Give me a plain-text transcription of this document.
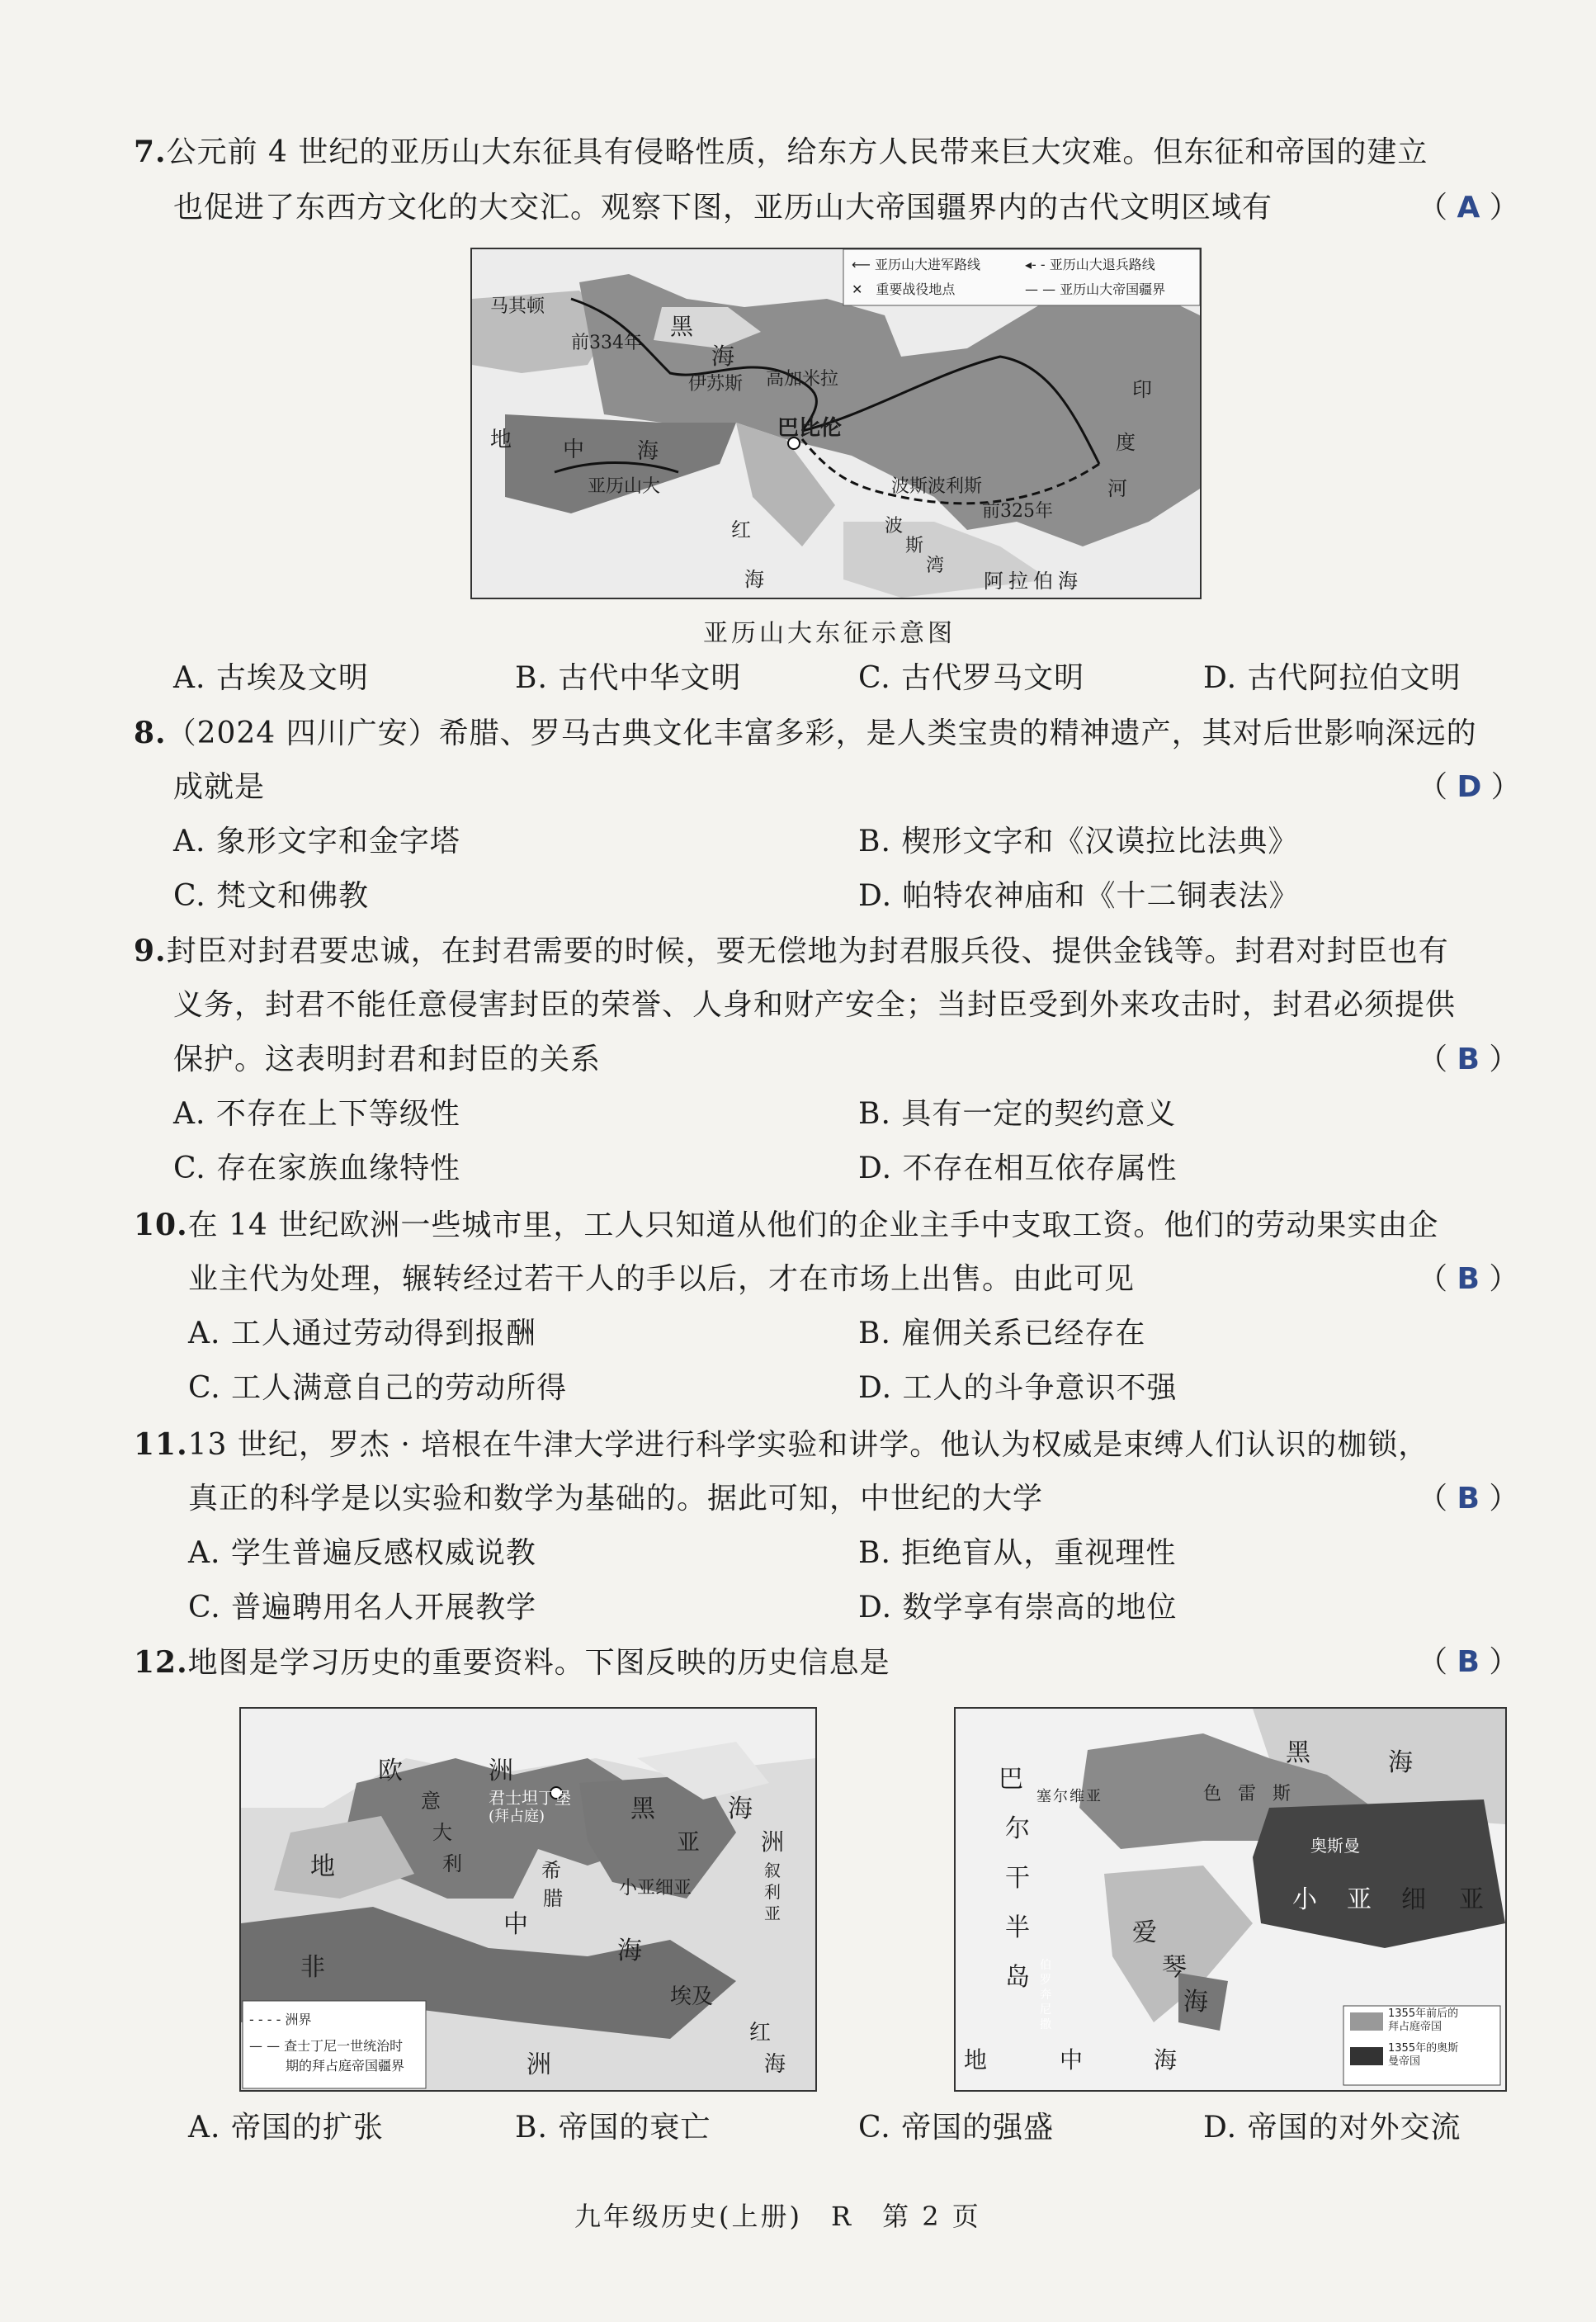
7.公元前 4 世纪的亚历山大东征具有侵略性质，给东方人民带来巨大灾难。但东征和帝国的建立
也促进了东西方文化的大交汇。观察下图，亚历山大帝国疆界内的古代文明区域有	（ A ）
⟵ 亚历山大进军路线	◂- - 亚历山大退兵路线
✕　重要战役地点	— — 亚历山大帝国疆界
马其顿
前334年
黑
海
伊苏斯 高加米拉
地 中 海
巴比伦
亚历山大	波斯波利斯
前325年
红
海
波
斯
湾
阿拉伯海
印
度
河
亚历山大东征示意图
A. 古埃及文明	B. 古代中华文明	C. 古代罗马文明	D. 古代阿拉伯文明
8.（2024 四川广安）希腊、罗马古典文化丰富多彩，是人类宝贵的精神遗产，其对后世影响深远的
成就是	（ D ）
A. 象形文字和金字塔	B. 楔形文字和《汉谟拉比法典》
C. 梵文和佛教	D. 帕特农神庙和《十二铜表法》
9.封臣对封君要忠诚，在封君需要的时候，要无偿地为封君服兵役、提供金钱等。封君对封臣也有
义务，封君不能任意侵害封臣的荣誉、人身和财产安全；当封臣受到外来攻击时，封君必须提供
保护。这表明封君和封臣的关系	（ B ）
A. 不存在上下等级性	B. 具有一定的契约意义
C. 存在家族血缘特性	D. 不存在相互依存属性
10.在 14 世纪欧洲一些城市里，工人只知道从他们的企业主手中支取工资。他们的劳动果实由企
业主代为处理，辗转经过若干人的手以后，才在市场上出售。由此可见	（ B ）
A. 工人通过劳动得到报酬	B. 雇佣关系已经存在
C. 工人满意自己的劳动所得	D. 工人的斗争意识不强
11.13 世纪，罗杰 · 培根在牛津大学进行科学实验和讲学。他认为权威是束缚人们认识的枷锁，
真正的科学是以实验和数学为基础的。据此可知，中世纪的大学	（ B ）
A. 学生普遍反感权威说教	B. 拒绝盲从，重视理性
C. 普遍聘用名人开展教学	D. 数学享有崇高的地位
12.地图是学习历史的重要资料。下图反映的历史信息是	（ B ）
欧	洲
意
大
利
君士坦丁堡
(拜占庭)	黑	海
亚	洲
希
腊	小亚细亚
叙
利
亚
地
中
海
非
埃及
红
海
洲
- - - - 洲界
— — 查士丁尼一世统治时
期的拜占庭帝国疆界
巴
尔
干
半
岛
塞 尔 维 亚	色雷斯
黑	海
奥斯曼
小 亚 细 亚
爱
琴
海
伯
罗
奔
尼
撒
地	中	海
1355年前后的
拜占庭帝国
1355年的奥斯
曼帝国
A. 帝国的扩张	B. 帝国的衰亡	C. 帝国的强盛	D. 帝国的对外交流
九年级历史(上册)　R　第 2 页
